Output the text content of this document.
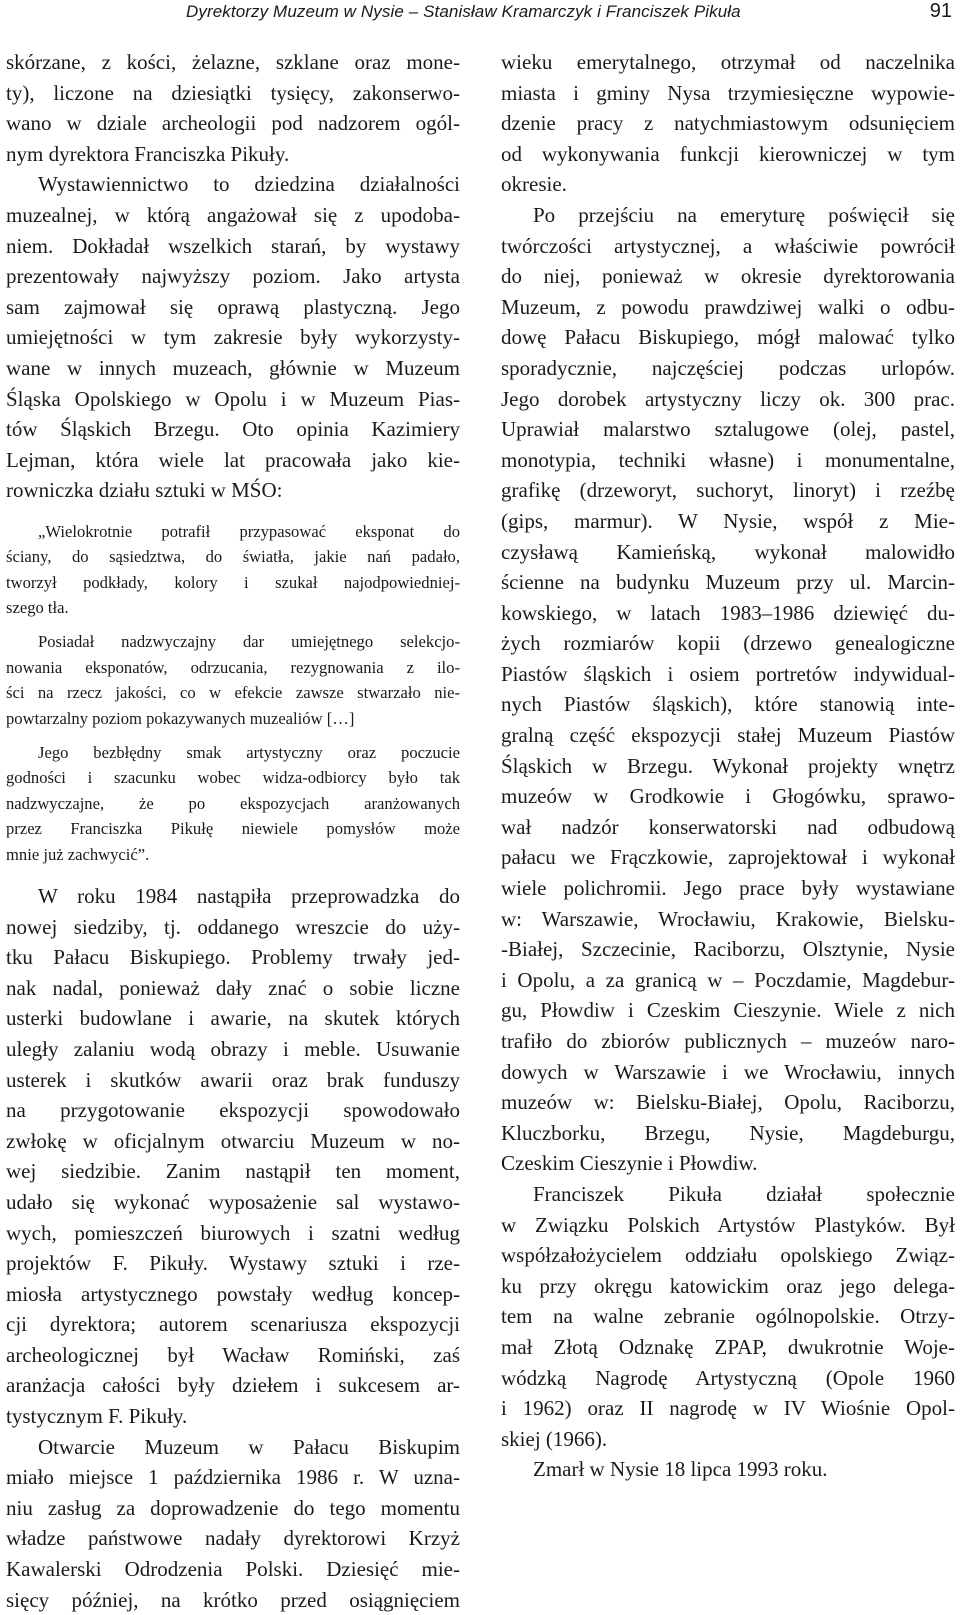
Dyrektorzy Muzeum w Nysie – Stanisław Kramarczyk i Franciszek Pikuła	91
skórzane, z kości, żelazne, szklane oraz mone-
ty), liczone na dziesiątki tysięcy, zakonserwo-
wano w dziale archeologii pod nadzorem ogól-
nym dyrektora Franciszka Pikuły.
Wystawiennictwo to dziedzina działalności
muzealnej, w którą angażował się z upodoba-
niem. Dokładał wszelkich starań, by wystawy
prezentowały najwyższy poziom. Jako artysta
sam zajmował się oprawą plastyczną. Jego
umiejętności w tym zakresie były wykorzysty-
wane w innych muzeach, głównie w Muzeum
Śląska Opolskiego w Opolu i w Muzeum Pias-
tów Śląskich Brzegu. Oto opinia Kazimiery
Lejman, która wiele lat pracowała jako kie-
rowniczka działu sztuki w MŚO:
„Wielokrotnie potrafił przypasować eksponat do
ściany, do sąsiedztwa, do światła, jakie nań padało,
tworzył podkłady, kolory i szukał najodpowiedniej-
szego tła.
Posiadał nadzwyczajny dar umiejętnego selekcjo-
nowania eksponatów, odrzucania, rezygnowania z ilo-
ści na rzecz jakości, co w efekcie zawsze stwarzało nie-
powtarzalny poziom pokazywanych muzealiów […]
Jego bezbłędny smak artystyczny oraz poczucie
godności i szacunku wobec widza-odbiorcy było tak
nadzwyczajne, że po ekspozycjach aranżowanych
przez Franciszka Pikułę niewiele pomysłów może
mnie już zachwycić”.
W roku 1984 nastąpiła przeprowadzka do
nowej siedziby, tj. oddanego wreszcie do uży-
tku Pałacu Biskupiego. Problemy trwały jed-
nak nadal, ponieważ dały znać o sobie liczne
usterki budowlane i awarie, na skutek których
uległy zalaniu wodą obrazy i meble. Usuwanie
usterek i skutków awarii oraz brak funduszy
na przygotowanie ekspozycji spowodowało
zwłokę w oficjalnym otwarciu Muzeum w no-
wej siedzibie. Zanim nastąpił ten moment,
udało się wykonać wyposażenie sal wystawo-
wych, pomieszczeń biurowych i szatni według
projektów F. Pikuły. Wystawy sztuki i rze-
miosła artystycznego powstały według koncep-
cji dyrektora; autorem scenariusza ekspozycji
archeologicznej był Wacław Romiński, zaś
aranżacja całości były dziełem i sukcesem ar-
tystycznym F. Pikuły.
Otwarcie Muzeum w Pałacu Biskupim
miało miejsce 1 października 1986 r. W uzna-
niu zasług za doprowadzenie do tego momentu
władze państwowe nadały dyrektorowi Krzyż
Kawalerski Odrodzenia Polski. Dziesięć mie-
sięcy później, na krótko przed osiągnięciem
wieku emerytalnego, otrzymał od naczelnika
miasta i gminy Nysa trzymiesięczne wypowie-
dzenie pracy z natychmiastowym odsunięciem
od wykonywania funkcji kierowniczej w tym
okresie.
Po przejściu na emeryturę poświęcił się
twórczości artystycznej, a właściwie powrócił
do niej, ponieważ w okresie dyrektorowania
Muzeum, z powodu prawdziwej walki o odbu-
dowę Pałacu Biskupiego, mógł malować tylko
sporadycznie, najczęściej podczas urlopów.
Jego dorobek artystyczny liczy ok. 300 prac.
Uprawiał malarstwo sztalugowe (olej, pastel,
monotypia, techniki własne) i monumentalne,
grafikę (drzeworyt, suchoryt, linoryt) i rzeźbę
(gips, marmur). W Nysie, współ z Mie-
czysławą Kamieńską, wykonał malowidło
ścienne na budynku Muzeum przy ul. Marcin-
kowskiego, w latach 1983–1986 dziewięć du-
żych rozmiarów kopii (drzewo genealogiczne
Piastów śląskich i osiem portretów indywidual-
nych Piastów śląskich), które stanowią inte-
gralną część ekspozycji stałej Muzeum Piastów
Śląskich w Brzegu. Wykonał projekty wnętrz
muzeów w Grodkowie i Głogówku, sprawo-
wał nadzór konserwatorski nad odbudową
pałacu we Frączkowie, zaprojektował i wykonał
wiele polichromii. Jego prace były wystawiane
w: Warszawie, Wrocławiu, Krakowie, Bielsku-
-Białej, Szczecinie, Raciborzu, Olsztynie, Nysie
i Opolu, a za granicą w – Poczdamie, Magdebur-
gu, Płowdiw i Czeskim Cieszynie. Wiele z nich
trafiło do zbiorów publicznych – muzeów naro-
dowych w Warszawie i we Wrocławiu, innych
muzeów w: Bielsku-Białej, Opolu, Raciborzu,
Kluczborku, Brzegu, Nysie, Magdeburgu,
Czeskim Cieszynie i Płowdiw.
Franciszek Pikuła działał społecznie
w Związku Polskich Artystów Plastyków. Był
współzałożycielem oddziału opolskiego Związ-
ku przy okręgu katowickim oraz jego delega-
tem na walne zebranie ogólnopolskie. Otrzy-
mał Złotą Odznakę ZPAP, dwukrotnie Woje-
wódzką Nagrodę Artystyczną (Opole 1960
i 1962) oraz II nagrodę w IV Wiośnie Opol-
skiej (1966).
Zmarł w Nysie 18 lipca 1993 roku.
